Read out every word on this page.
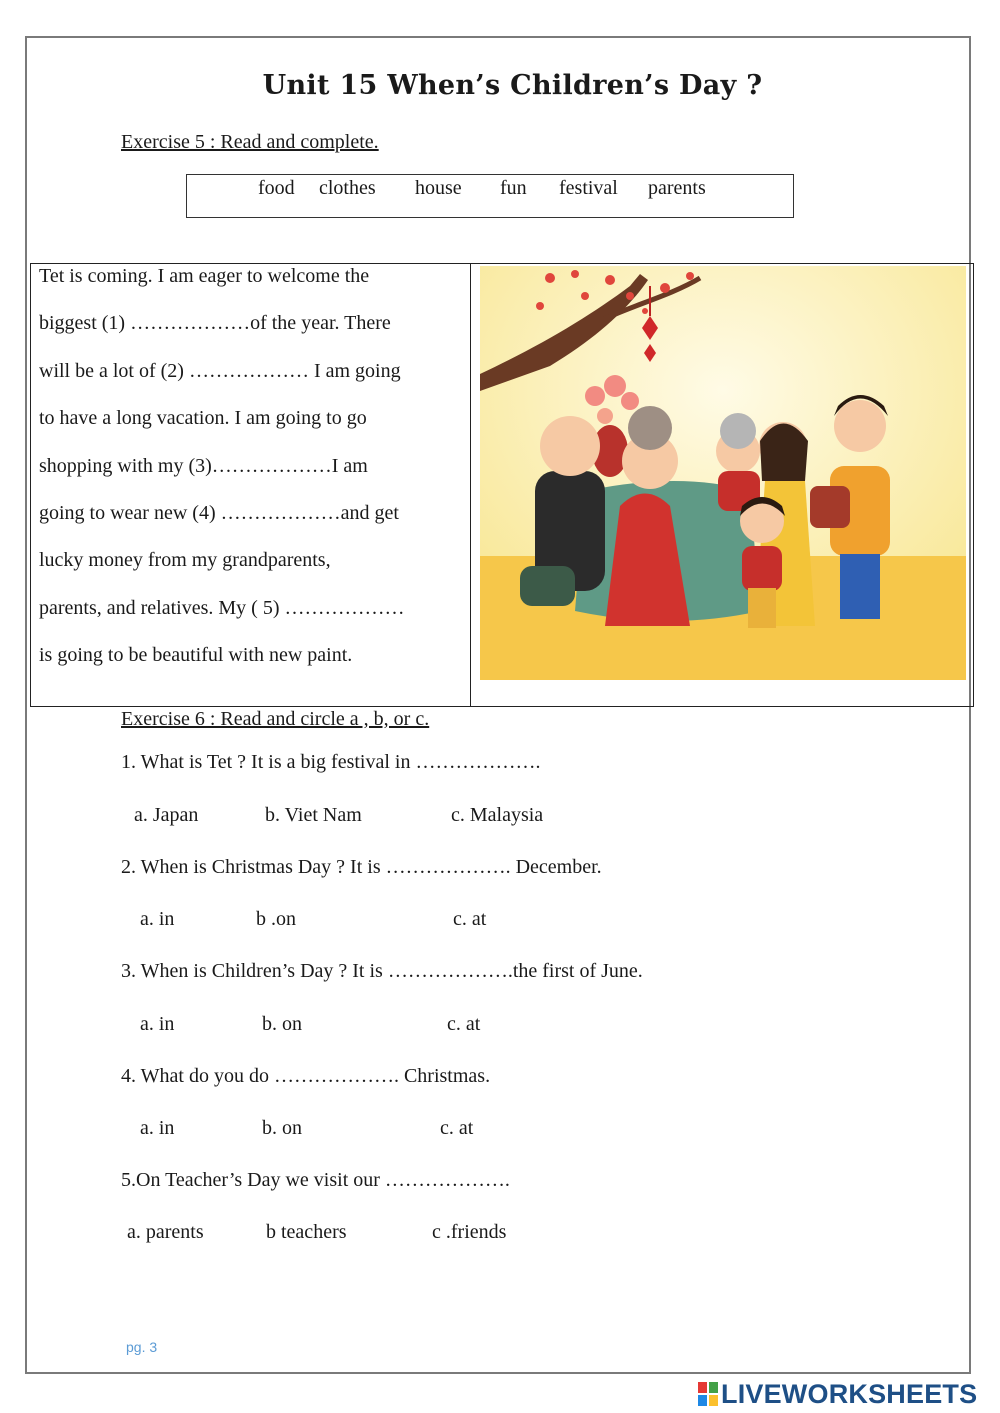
Unit 15 When’s Children’s Day ?
Exercise 5 : Read and complete.
food clothes house fun festival parents
Tet is coming. I am eager to welcome the
biggest (1) ………………of the year. There
will be a lot of (2) ……………… I am going
to have a long vacation. I am going to go
shopping with my (3)………………I am
going to wear new (4) ………………and get
lucky money from my grandparents,
parents, and relatives. My ( 5) ………………
is going to be beautiful with new paint.
Exercise 6 : Read and circle a , b, or c.
1. What is Tet ? It is a big festival in ……………….
a. Japan	b. Viet Nam	c. Malaysia
2. When is Christmas Day ? It is ………………. December.
a. in	b .on	c. at
3. When is Children’s Day ? It is ……………….the first of June.
a. in	b. on	c. at
4. What do you do ………………. Christmas.
a. in	b. on	c. at
5.On Teacher’s Day we visit our ……………….
a. parents	b teachers	c .friends
pg. 3
LIVEWORKSHEETS
